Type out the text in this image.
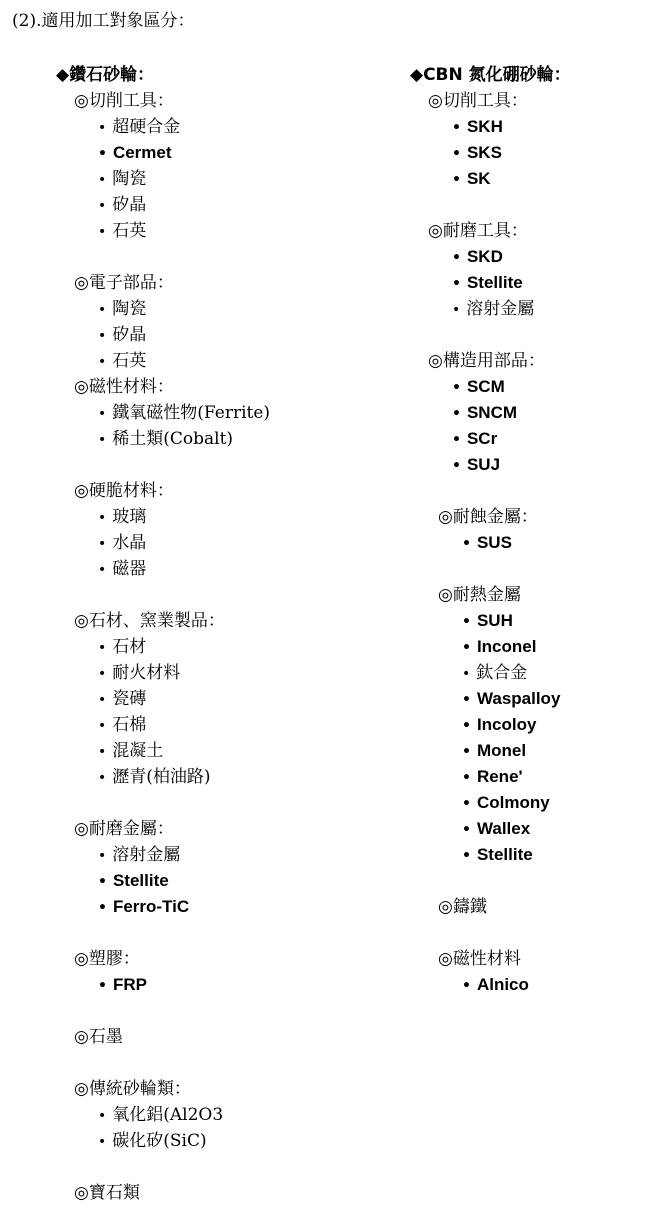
(2).適用加工對象區分：
◆鑽石砂輪：
◎切削工具：
• 超硬合金
• Cermet
• 陶瓷
• 矽晶
• 石英
◎電子部品：
• 陶瓷
• 矽晶
• 石英
◎磁性材料：
• 鐵氧磁性物(Ferrite)
• 稀土類(Cobalt)
◎硬脆材料：
• 玻璃
• 水晶
• 磁器
◎石材、窯業製品：
• 石材
• 耐火材料
• 瓷磚
• 石棉
• 混凝土
• 瀝青(柏油路)
◎耐磨金屬：
• 溶射金屬
• Stellite
• Ferro-TiC
◎塑膠：
• FRP
◎石墨
◎傳統砂輪類：
• 氧化鋁(Al2O3
• 碳化矽(SiC)
◎寶石類
◆CBN 氮化硼砂輪：
◎切削工具：
• SKH
• SKS
• SK
◎耐磨工具：
• SKD
• Stellite
• 溶射金屬
◎構造用部品：
• SCM
• SNCM
• SCr
• SUJ
◎耐蝕金屬：
• SUS
◎耐熱金屬
• SUH
• Inconel
• 鈦合金
• Waspalloy
• Incoloy
• Monel
• Rene'
• Colmony
• Wallex
• Stellite
◎鑄鐵
◎磁性材料
• Alnico
